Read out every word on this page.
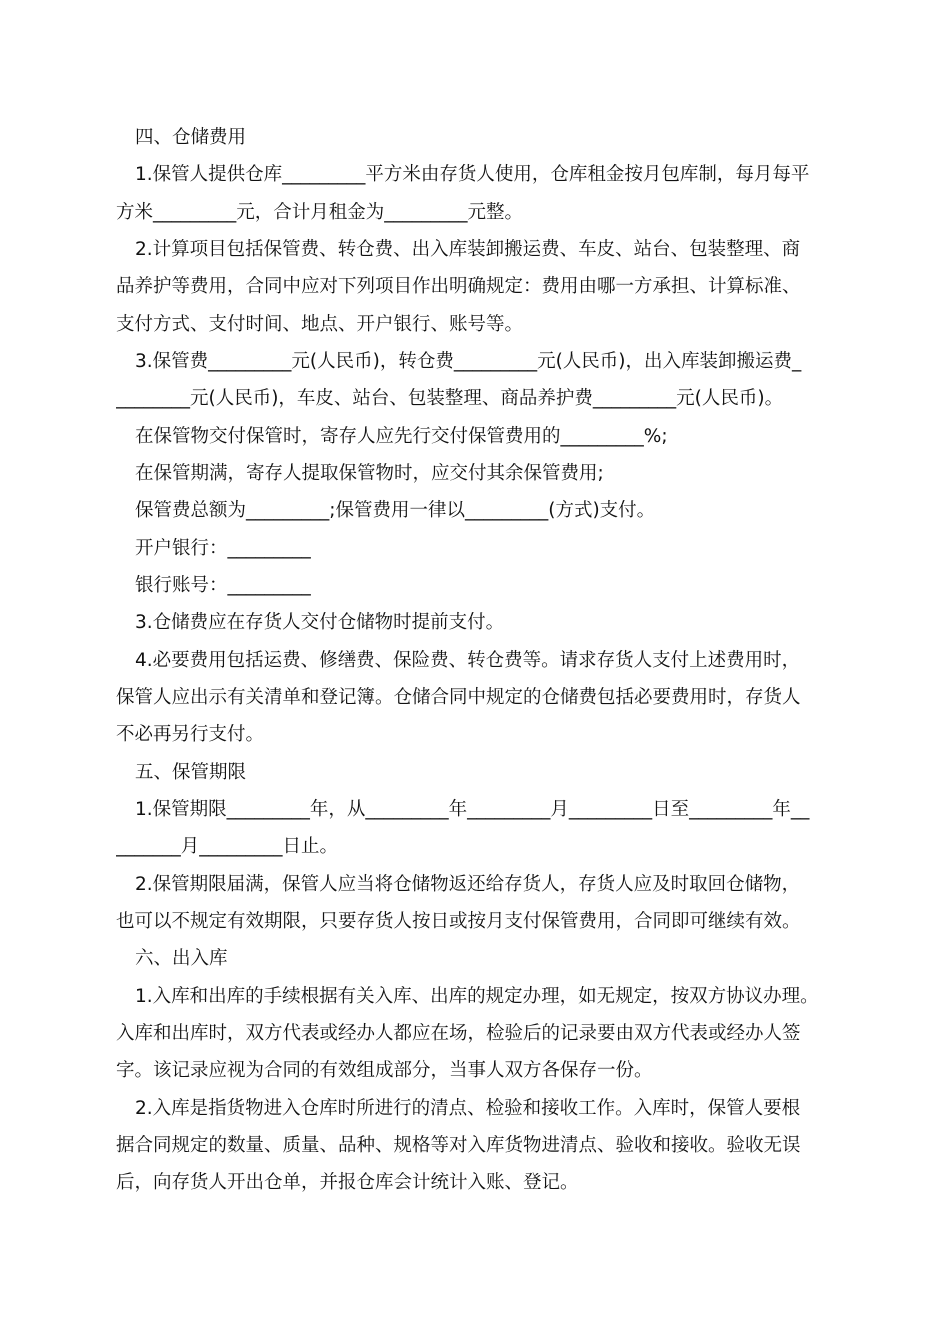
四、仓储费用
1.保管人提供仓库_________平方米由存货人使用，仓库租金按月包库制，每月每平
方米_________元，合计月租金为_________元整。
2.计算项目包括保管费、转仓费、出入库装卸搬运费、车皮、站台、包装整理、商
品养护等费用，合同中应对下列项目作出明确规定：费用由哪一方承担、计算标准、
支付方式、支付时间、地点、开户银行、账号等。
3.保管费_________元(人民币)，转仓费_________元(人民币)，出入库装卸搬运费_
________元(人民币)，车皮、站台、包装整理、商品养护费_________元(人民币)。
在保管物交付保管时，寄存人应先行交付保管费用的_________%;
在保管期满，寄存人提取保管物时，应交付其余保管费用;
保管费总额为_________;保管费用一律以_________(方式)支付。
开户银行：_________
银行账号：_________
3.仓储费应在存货人交付仓储物时提前支付。
4.必要费用包括运费、修缮费、保险费、转仓费等。请求存货人支付上述费用时，
保管人应出示有关清单和登记簿。仓储合同中规定的仓储费包括必要费用时，存货人
不必再另行支付。
五、保管期限
1.保管期限_________年，从_________年_________月_________日至_________年__
_______月_________日止。
2.保管期限届满，保管人应当将仓储物返还给存货人，存货人应及时取回仓储物，
也可以不规定有效期限，只要存货人按日或按月支付保管费用，合同即可继续有效。
六、出入库
1.入库和出库的手续根据有关入库、出库的规定办理，如无规定，按双方协议办理。
入库和出库时，双方代表或经办人都应在场，检验后的记录要由双方代表或经办人签
字。该记录应视为合同的有效组成部分，当事人双方各保存一份。
2.入库是指货物进入仓库时所进行的清点、检验和接收工作。入库时，保管人要根
据合同规定的数量、质量、品种、规格等对入库货物进清点、验收和接收。验收无误
后，向存货人开出仓单，并报仓库会计统计入账、登记。
